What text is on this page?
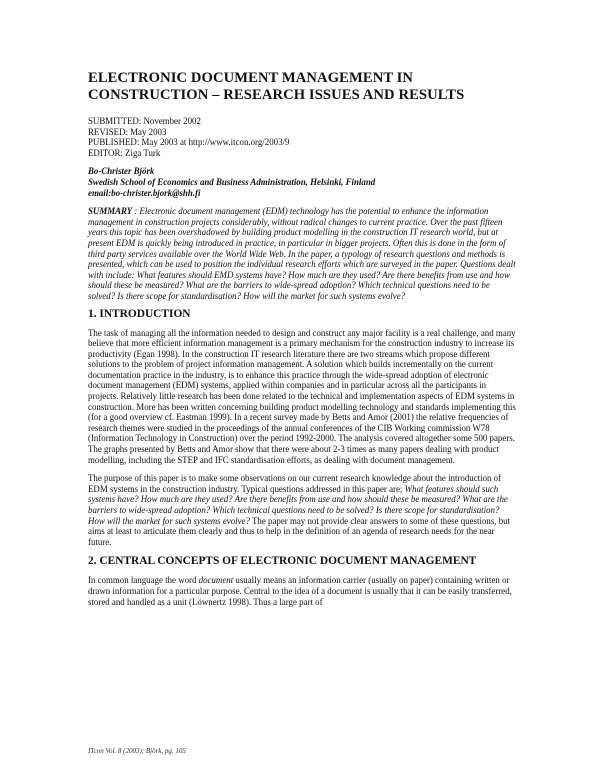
ELECTRONIC DOCUMENT MANAGEMENT IN CONSTRUCTION – RESEARCH ISSUES AND RESULTS
SUBMITTED: November 2002
REVISED: May 2003
PUBLISHED: May 2003 at http://www.itcon.org/2003/9
EDITOR: Ziga Turk
Bo-Christer Björk
Swedish School of Economics and Business Administration, Helsinki, Finland
email:bo-christer.bjork@shh.fi
SUMMARY : Electronic document management (EDM) technology has the potential to enhance the information management in construction projects considerably, without radical changes to current practice. Over the past fifteen years this topic has been overshadowed by building product modelling in the construction IT research world, but at present EDM is quickly being introduced in practice, in particular in bigger projects. Often this is done in the form of third party services available over the World Wide Web. In the paper, a typology of research questions and methods is presented, which can be used to position the individual research efforts which are surveyed in the paper. Questions dealt with include: What features should EMD systems have? How much are they used? Are there benefits from use and how should these be measured? What are the barriers to wide-spread adoption? Which technical questions need to be solved? Is there scope for standardisation? How will the market for such systems evolve?
1. INTRODUCTION
The task of managing all the information needed to design and construct any major facility is a real challenge, and many believe that more efficient information management is a primary mechanism for the construction industry to increase its productivity (Egan 1998). In the construction IT research literature there are two streams which propose different solutions to the problem of project information management. A solution which builds incrementally on the current documentation practice in the industry, is to enhance this practice through the wide-spread adoption of electronic document management (EDM) systems, applied within companies and in particular across all the participants in projects. Relatively little research has been done related to the technical and implementation aspects of EDM systems in construction. More has been written concerning building product modelling technology and standards implementing this (for a good overview cf. Eastman 1999). In a recent survey made by Betts and Amor (2001) the relative frequencies of research themes were studied in the proceedings of the annual conferences of the CIB Working commission W78 (Information Technology in Construction) over the period 1992-2000. The analysis covered altogether some 500 papers. The graphs presented by Betts and Amor show that there were about 2-3 times as many papers dealing with product modelling, including the STEP and IFC standardisation efforts, as dealing with document management.
The purpose of this paper is to make some observations on our current research knowledge about the introduction of EDM systems in the construction industry. Typical questions addressed in this paper are; What features should such systems have? How much are they used? Are there benefits from use and how should these be measured? What are the barriers to wide-spread adoption? Which technical questions need to be solved? Is there scope for standardisation? How will the market for such systems evolve? The paper may not provide clear answers to some of these questions, but aims at least to articulate them clearly and thus to help in the definition of an agenda of research needs for the near future.
2. CENTRAL CONCEPTS OF ELECTRONIC DOCUMENT MANAGEMENT
In common language the word document usually means an information carrier (usually on paper) containing written or drawn information for a particular purpose. Central to the idea of a document is usually that it can be easily transferred, stored and handled as a unit (Löwnertz 1998). Thus a large part of
ITcon Vol. 8 (2003); Björk, pg. 105
